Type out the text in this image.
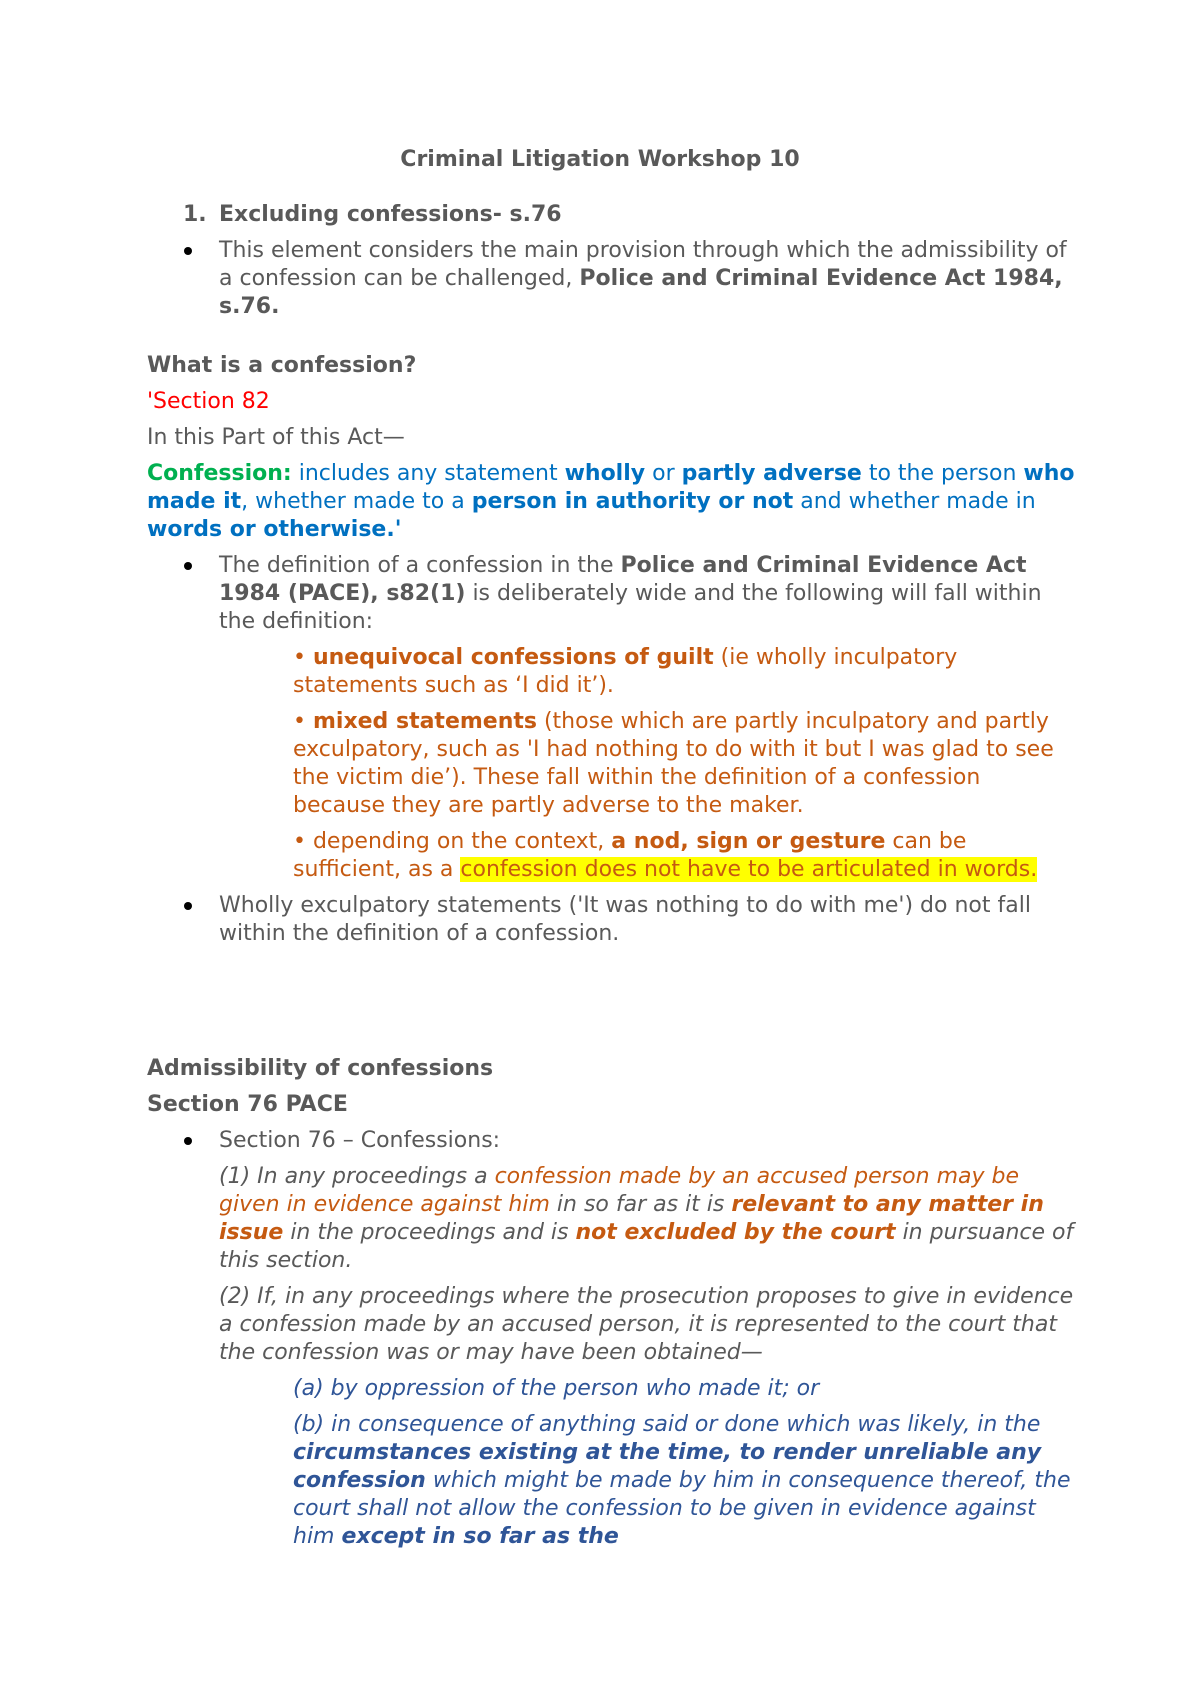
Criminal Litigation Workshop 10
1. Excluding confessions- s.76
This element considers the main provision through which the admissibility of a confession can be challenged, Police and Criminal Evidence Act 1984, s.76.
What is a confession?
'Section 82
In this Part of this Act—
Confession: includes any statement wholly or partly adverse to the person who made it, whether made to a person in authority or not and whether made in words or otherwise.'
The definition of a confession in the Police and Criminal Evidence Act 1984 (PACE), s82(1) is deliberately wide and the following will fall within the definition:
• unequivocal confessions of guilt (ie wholly inculpatory statements such as ‘I did it’).
• mixed statements (those which are partly inculpatory and partly exculpatory, such as 'I had nothing to do with it but I was glad to see the victim die’). These fall within the definition of a confession because they are partly adverse to the maker.
• depending on the context, a nod, sign or gesture can be sufficient, as a confession does not have to be articulated in words.
Wholly exculpatory statements ('It was nothing to do with me') do not fall within the definition of a confession.
Admissibility of confessions
Section 76 PACE
Section 76 – Confessions:
(1) In any proceedings a confession made by an accused person may be given in evidence against him in so far as it is relevant to any matter in issue in the proceedings and is not excluded by the court in pursuance of this section.
(2) If, in any proceedings where the prosecution proposes to give in evidence a confession made by an accused person, it is represented to the court that the confession was or may have been obtained—
(a) by oppression of the person who made it; or
(b) in consequence of anything said or done which was likely, in the circumstances existing at the time, to render unreliable any confession which might be made by him in consequence thereof, the court shall not allow the confession to be given in evidence against him except in so far as the
